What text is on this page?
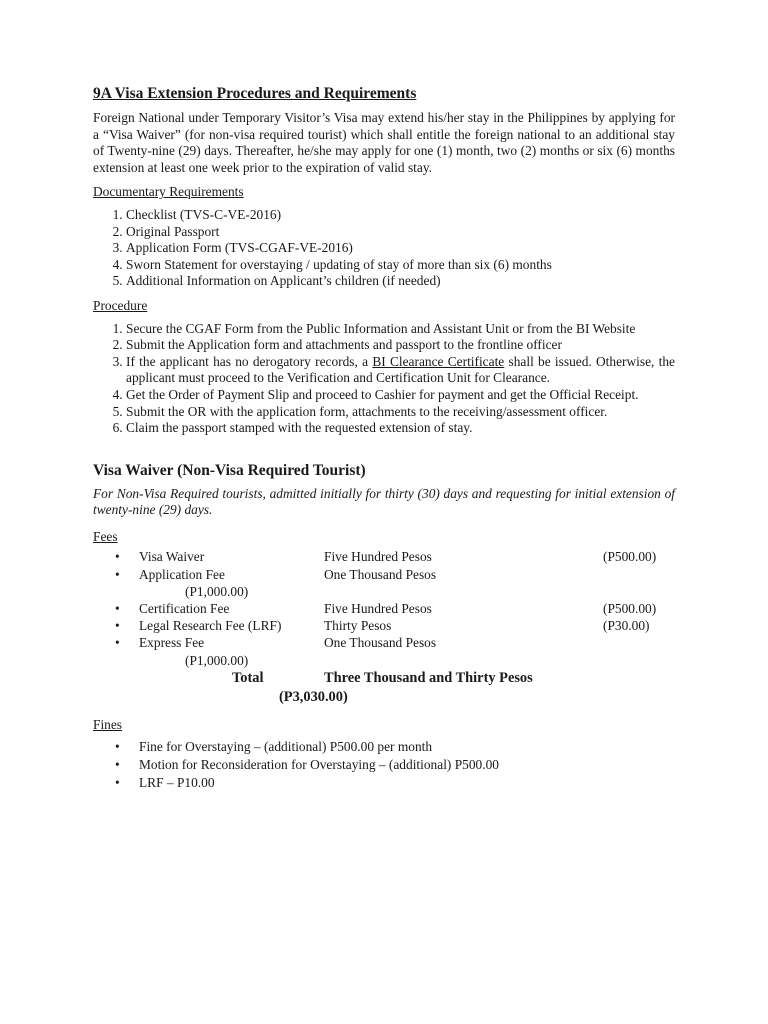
9A Visa Extension Procedures and Requirements

Foreign National under Temporary Visitor’s Visa may extend his/her stay in the Philippines by applying for a “Visa Waiver” (for non-visa required tourist) which shall entitle the foreign national to an additional stay of Twenty-nine (29) days. Thereafter, he/she may apply for one (1) month, two (2) months or six (6) months extension at least one week prior to the expiration of valid stay.

Documentary Requirements
1. Checklist (TVS-C-VE-2016)
2. Original Passport
3. Application Form (TVS-CGAF-VE-2016)
4. Sworn Statement for overstaying / updating of stay of more than six (6) months
5. Additional Information on Applicant’s children (if needed)
Procedure
1. Secure the CGAF Form from the Public Information and Assistant Unit or from the BI Website
2. Submit the Application form and attachments and passport to the frontline officer
3. If the applicant has no derogatory records, a BI Clearance Certificate shall be issued. Otherwise, the applicant must proceed to the Verification and Certification Unit for Clearance.
4. Get the Order of Payment Slip and proceed to Cashier for payment and get the Official Receipt.
5. Submit the OR with the application form, attachments to the receiving/assessment officer.
6. Claim the passport stamped with the requested extension of stay.
Visa Waiver (Non-Visa Required Tourist)

For Non-Visa Required tourists, admitted initially for thirty (30) days and requesting for initial extension of twenty-nine (29) days.

Fees
• Visa Waiver	Five Hundred Pesos	(P500.00)
• Application Fee	One Thousand Pesos
(P1,000.00)
• Certification Fee	Five Hundred Pesos	(P500.00)
• Legal Research Fee (LRF)	Thirty Pesos	(P30.00)
• Express Fee	One Thousand Pesos
(P1,000.00)
Total	Three Thousand and Thirty Pesos
(P3,030.00)
Fines
• Fine for Overstaying – (additional) P500.00 per month
• Motion for Reconsideration for Overstaying – (additional) P500.00
• LRF – P10.00
